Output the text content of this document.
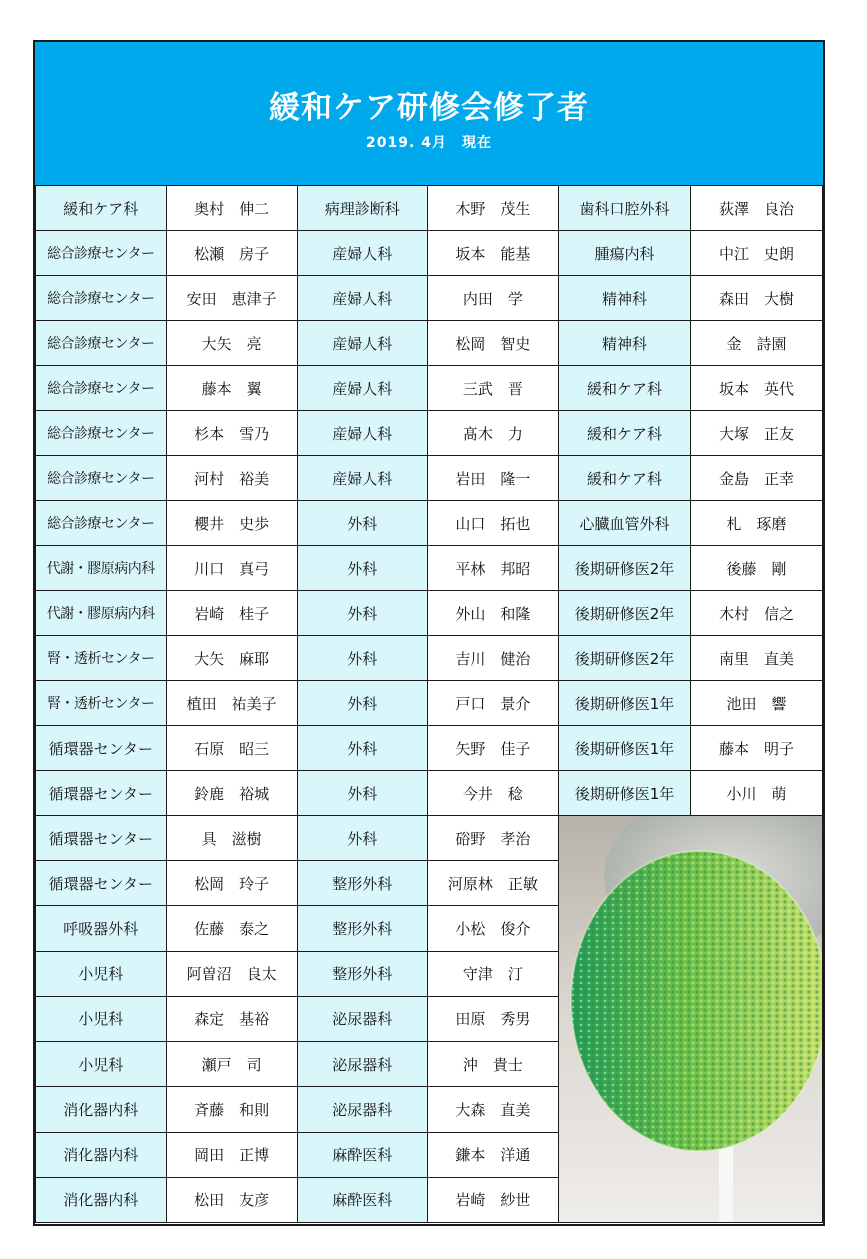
緩和ケア研修会修了者
2019. 4月　現在
緩和ケア科	奥村　伸二	病理診断科	木野　茂生	歯科口腔外科	荻澤　良治
総合診療センター	松瀬　房子	産婦人科	坂本　能基	腫瘍内科	中江　史朗
総合診療センター	安田　恵津子	産婦人科	内田　学	精神科	森田　大樹
総合診療センター	大矢　亮	産婦人科	松岡　智史	精神科	金　詩園
総合診療センター	藤本　翼	産婦人科	三武　晋	緩和ケア科	坂本　英代
総合診療センター	杉本　雪乃	産婦人科	髙木　力	緩和ケア科	大塚　正友
総合診療センター	河村　裕美	産婦人科	岩田　隆一	緩和ケア科	金島　正幸
総合診療センター	櫻井　史歩	外科	山口　拓也	心臓血管外科	札　琢磨
代謝・膠原病内科	川口　真弓	外科	平林　邦昭	後期研修医2年	後藤　剛
代謝・膠原病内科	岩崎　桂子	外科	外山　和隆	後期研修医2年	木村　信之
腎・透析センター	大矢　麻耶	外科	吉川　健治	後期研修医2年	南里　直美
腎・透析センター	植田　祐美子	外科	戸口　景介	後期研修医1年	池田　響
循環器センター	石原　昭三	外科	矢野　佳子	後期研修医1年	藤本　明子
循環器センター	鈴鹿　裕城	外科	今井　稔	後期研修医1年	小川　萌
循環器センター	具　滋樹	外科	硲野　孝治	

循環器センター	松岡　玲子	整形外科	河原林　正敏		
呼吸器外科	佐藤　泰之	整形外科	小松　俊介		
小児科	阿曽沼　良太	整形外科	守津　汀		
小児科	森定　基裕	泌尿器科	田原　秀男		
小児科	瀬戸　司	泌尿器科	沖　貴士		
消化器内科	斉藤　和則	泌尿器科	大森　直美		
消化器内科	岡田　正博	麻酔医科	鎌本　洋通		
消化器内科	松田　友彦	麻酔医科	岩崎　紗世		
